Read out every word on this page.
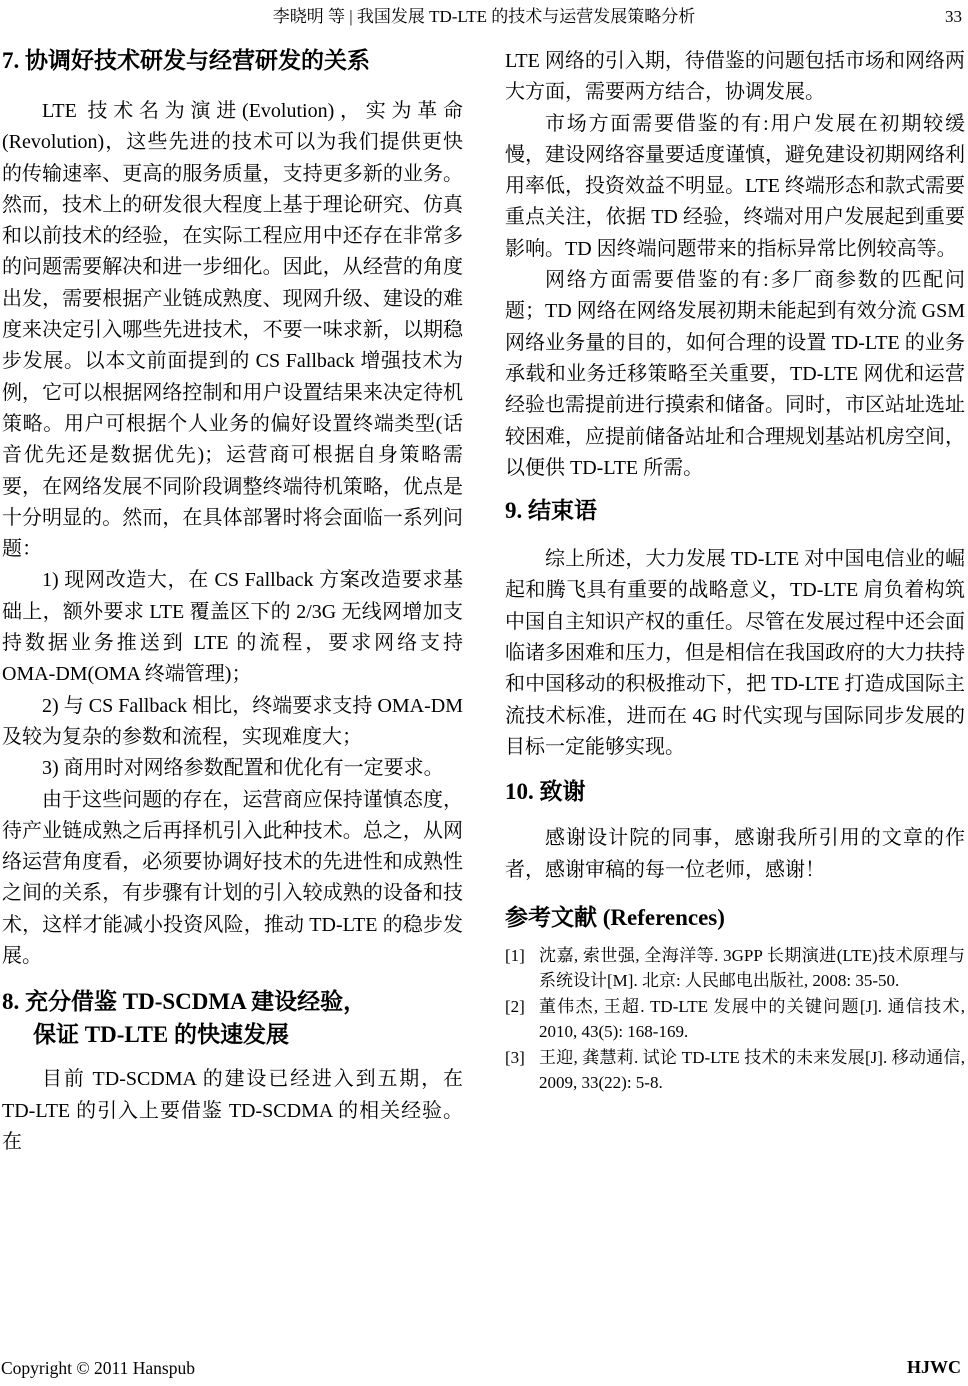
李晓明 等 | 我国发展 TD-LTE 的技术与运营发展策略分析	33
7. 协调好技术研发与经营研发的关系

LTE 技术名为演进(Evolution)，实为革命(Revolution)，这些先进的技术可以为我们提供更快的传输速率、更高的服务质量，支持更多新的业务。然而，技术上的研发很大程度上基于理论研究、仿真和以前技术的经验，在实际工程应用中还存在非常多的问题需要解决和进一步细化。因此，从经营的角度出发，需要根据产业链成熟度、现网升级、建设的难度来决定引入哪些先进技术，不要一味求新，以期稳步发展。以本文前面提到的 CS Fallback 增强技术为例，它可以根据网络控制和用户设置结果来决定待机策略。用户可根据个人业务的偏好设置终端类型(话音优先还是数据优先)；运营商可根据自身策略需要，在网络发展不同阶段调整终端待机策略，优点是十分明显的。然而，在具体部署时将会面临一系列问题：

1) 现网改造大，在 CS Fallback 方案改造要求基础上，额外要求 LTE 覆盖区下的 2/3G 无线网增加支持数据业务推送到 LTE 的流程，要求网络支持 OMA-DM(OMA 终端管理)；

2) 与 CS Fallback 相比，终端要求支持 OMA-DM 及较为复杂的参数和流程，实现难度大；

3) 商用时对网络参数配置和优化有一定要求。

由于这些问题的存在，运营商应保持谨慎态度，待产业链成熟之后再择机引入此种技术。总之，从网络运营角度看，必须要协调好技术的先进性和成熟性之间的关系，有步骤有计划的引入较成熟的设备和技术，这样才能减小投资风险，推动 TD-LTE 的稳步发展。

8. 充分借鉴 TD-SCDMA 建设经验，
保证 TD-LTE 的快速发展

目前 TD-SCDMA 的建设已经进入到五期，在 TD-LTE 的引入上要借鉴 TD-SCDMA 的相关经验。在

LTE 网络的引入期，待借鉴的问题包括市场和网络两大方面，需要两方结合，协调发展。

市场方面需要借鉴的有:用户发展在初期较缓慢，建设网络容量要适度谨慎，避免建设初期网络利用率低，投资效益不明显。LTE 终端形态和款式需要重点关注，依据 TD 经验，终端对用户发展起到重要影响。TD 因终端问题带来的指标异常比例较高等。

网络方面需要借鉴的有:多厂商参数的匹配问题；TD 网络在网络发展初期未能起到有效分流 GSM 网络业务量的目的，如何合理的设置 TD-LTE 的业务承载和业务迁移策略至关重要，TD-LTE 网优和运营经验也需提前进行摸索和储备。同时，市区站址选址较困难，应提前储备站址和合理规划基站机房空间，以便供 TD-LTE 所需。

9. 结束语

综上所述，大力发展 TD-LTE 对中国电信业的崛起和腾飞具有重要的战略意义，TD-LTE 肩负着构筑中国自主知识产权的重任。尽管在发展过程中还会面临诸多困难和压力，但是相信在我国政府的大力扶持和中国移动的积极推动下，把 TD-LTE 打造成国际主流技术标准，进而在 4G 时代实现与国际同步发展的目标一定能够实现。

10. 致谢

感谢设计院的同事，感谢我所引用的文章的作者，感谢审稿的每一位老师，感谢！

参考文献 (References)
[1] 沈嘉, 索世强, 全海洋等. 3GPP 长期演进(LTE)技术原理与系统设计[M]. 北京: 人民邮电出版社, 2008: 35-50.
[2] 董伟杰, 王超. TD-LTE 发展中的关键问题[J]. 通信技术, 2010, 43(5): 168-169.
[3] 王迎, 龚慧莉. 试论 TD-LTE 技术的未来发展[J]. 移动通信, 2009, 33(22): 5-8.
Copyright © 2011 Hanspub	HJWC
